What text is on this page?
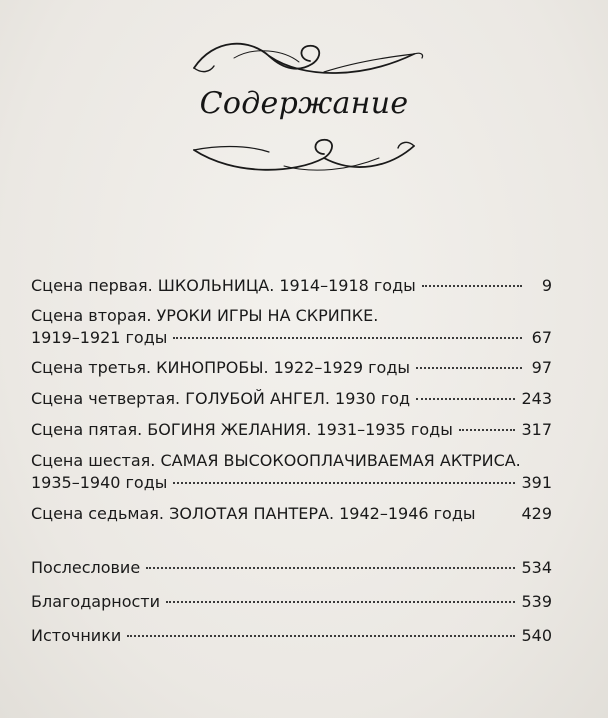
Содержание
Сцена первая. ШКОЛЬНИЦА. 1914–1918 годы	9
Сцена вторая. УРОКИ ИГРЫ НА СКРИПКЕ.
1919–1921 годы	67
Сцена третья. КИНОПРОБЫ. 1922–1929 годы	97
Сцена четвертая. ГОЛУБОЙ АНГЕЛ. 1930 год	243
Сцена пятая. БОГИНЯ ЖЕЛАНИЯ. 1931–1935 годы	317
Сцена шестая. САМАЯ ВЫСОКООПЛАЧИВАЕМАЯ АКТРИСА.
1935–1940 годы	391
Сцена седьмая. ЗОЛОТАЯ ПАНТЕРА. 1942–1946 годы	429
Послесловие	534
Благодарности	539
Источники	540
